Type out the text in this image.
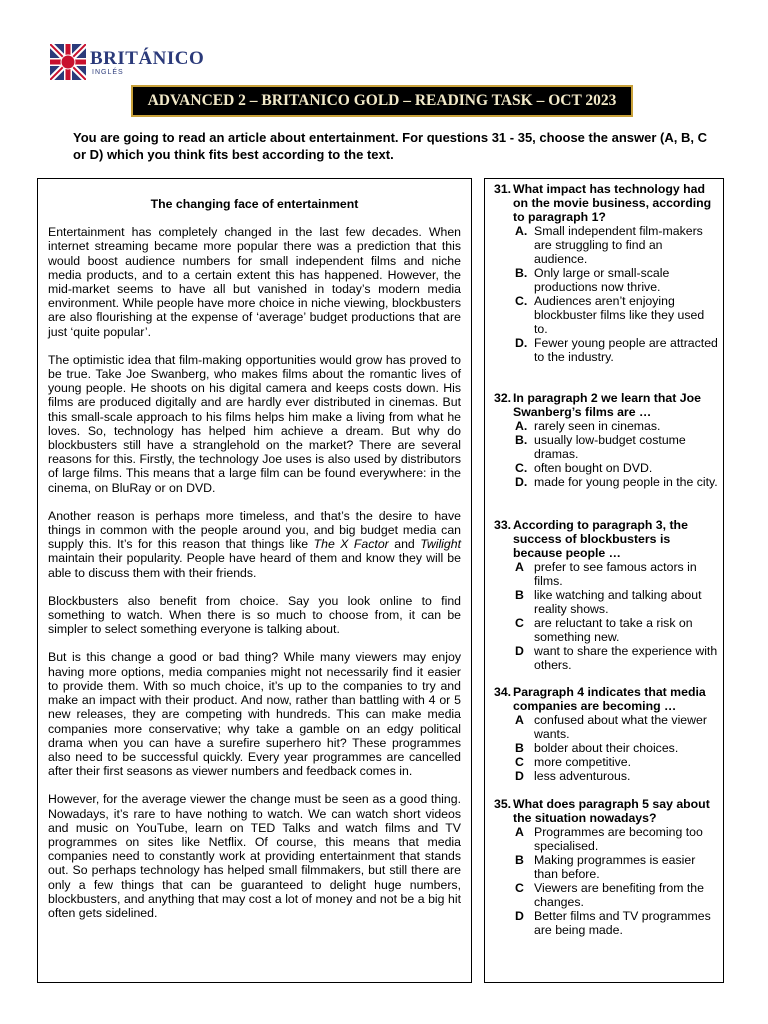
BRITÁNICO
INGLÉS
ADVANCED 2 – BRITANICO GOLD – READING TASK – OCT 2023
You are going to read an article about entertainment. For questions 31 - 35, choose the answer (A, B, C or D) which you think fits best according to the text.
The changing face of entertainment

Entertainment has completely changed in the last few decades. When internet streaming became more popular there was a prediction that this would boost audience numbers for small independent films and niche media products, and to a certain extent this has happened. However, the mid-market seems to have all but vanished in today’s modern media environment. While people have more choice in niche viewing, blockbusters are also flourishing at the expense of ‘average’ budget productions that are just ‘quite popular’.

The optimistic idea that film-making opportunities would grow has proved to be true. Take Joe Swanberg, who makes films about the romantic lives of young people. He shoots on his digital camera and keeps costs down. His films are produced digitally and are hardly ever distributed in cinemas. But this small-scale approach to his films helps him make a living from what he loves. So, technology has helped him achieve a dream. But why do blockbusters still have a stranglehold on the market? There are several reasons for this. Firstly, the technology Joe uses is also used by distributors of large films. This means that a large film can be found everywhere: in the cinema, on BluRay or on DVD.

Another reason is perhaps more timeless, and that’s the desire to have things in common with the people around you, and big budget media can supply this. It’s for this reason that things like The X Factor and Twilight maintain their popularity. People have heard of them and know they will be able to discuss them with their friends.

Blockbusters also benefit from choice. Say you look online to find something to watch. When there is so much to choose from, it can be simpler to select something everyone is talking about.

But is this change a good or bad thing? While many viewers may enjoy having more options, media companies might not necessarily find it easier to provide them. With so much choice, it’s up to the companies to try and make an impact with their product. And now, rather than battling with 4 or 5 new releases, they are competing with hundreds. This can make media companies more conservative; why take a gamble on an edgy political drama when you can have a surefire superhero hit? These programmes also need to be successful quickly. Every year programmes are cancelled after their first seasons as viewer numbers and feedback comes in.

However, for the average viewer the change must be seen as a good thing. Nowadays, it’s rare to have nothing to watch. We can watch short videos and music on YouTube, learn on TED Talks and watch films and TV programmes on sites like Netflix. Of course, this means that media companies need to constantly work at providing entertainment that stands out. So perhaps technology has helped small filmmakers, but still there are only a few things that can be guaranteed to delight huge numbers, blockbusters, and anything that may cost a lot of money and not be a big hit often gets sidelined.

31. What impact has technology had on the movie business, according to paragraph 1?
A. Small independent film-makers are struggling to find an audience.
B. Only large or small-scale productions now thrive.
C. Audiences aren’t enjoying blockbuster films like they used to.
D. Fewer young people are attracted to the industry.
32. In paragraph 2 we learn that Joe Swanberg’s films are …
A. rarely seen in cinemas.
B. usually low-budget costume dramas.
C. often bought on DVD.
D. made for young people in the city.
33. According to paragraph 3, the success of blockbusters is because people …
A prefer to see famous actors in films.
B like watching and talking about reality shows.
C are reluctant to take a risk on something new.
D want to share the experience with others.
34. Paragraph 4 indicates that media companies are becoming …
A confused about what the viewer wants.
B bolder about their choices.
C more competitive.
D less adventurous.
35. What does paragraph 5 say about the situation nowadays?
A Programmes are becoming too specialised.
B Making programmes is easier than before.
C Viewers are benefiting from the changes.
D Better films and TV programmes are being made.
